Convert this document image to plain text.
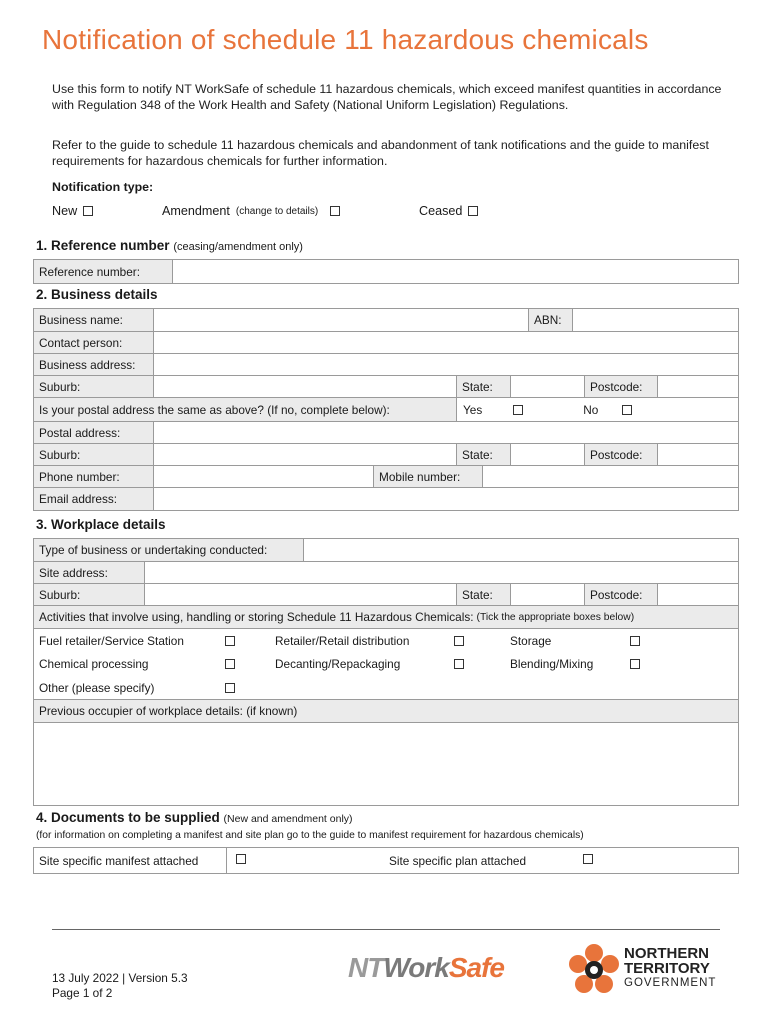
Notification of schedule 11 hazardous chemicals

Use this form to notify NT WorkSafe of schedule 11 hazardous chemicals, which exceed manifest quantities in accordance with Regulation 348 of the Work Health and Safety (National Uniform Legislation) Regulations.

Refer to the guide to schedule 11 hazardous chemicals and abandonment of tank notifications and the guide to manifest requirements for hazardous chemicals for further information.

Notification type:
New	Amendment (change to details)	Ceased
1. Reference number (ceasing/amendment only)
Reference number:
2. Business details
Business name:	ABN:
Contact person:
Business address:
Suburb:	State:	Postcode:
Is your postal address the same as above? (If no, complete below):	Yes	No
Postal address:
Suburb:	State:	Postcode:
Phone number:	Mobile number:
Email address:
3. Workplace details
Type of business or undertaking conducted:
Site address:
Suburb:	State:	Postcode:
Activities that involve using, handling or storing Schedule 11 Hazardous Chemicals: (Tick the appropriate boxes below)
Fuel retailer/Service Station	Retailer/Retail distribution	Storage
Chemical processing	Decanting/Repackaging	Blending/Mixing
Other (please specify)
Previous occupier of workplace details: (if known)
4. Documents to be supplied (New and amendment only)
(for information on completing a manifest and site plan go to the guide to manifest requirement for hazardous chemicals)
Site specific manifest attached	Site specific plan attached
13 July 2022 | Version 5.3
Page 1 of 2
NTWorkSafe	NORTHERN
TERRITORY
GOVERNMENT
